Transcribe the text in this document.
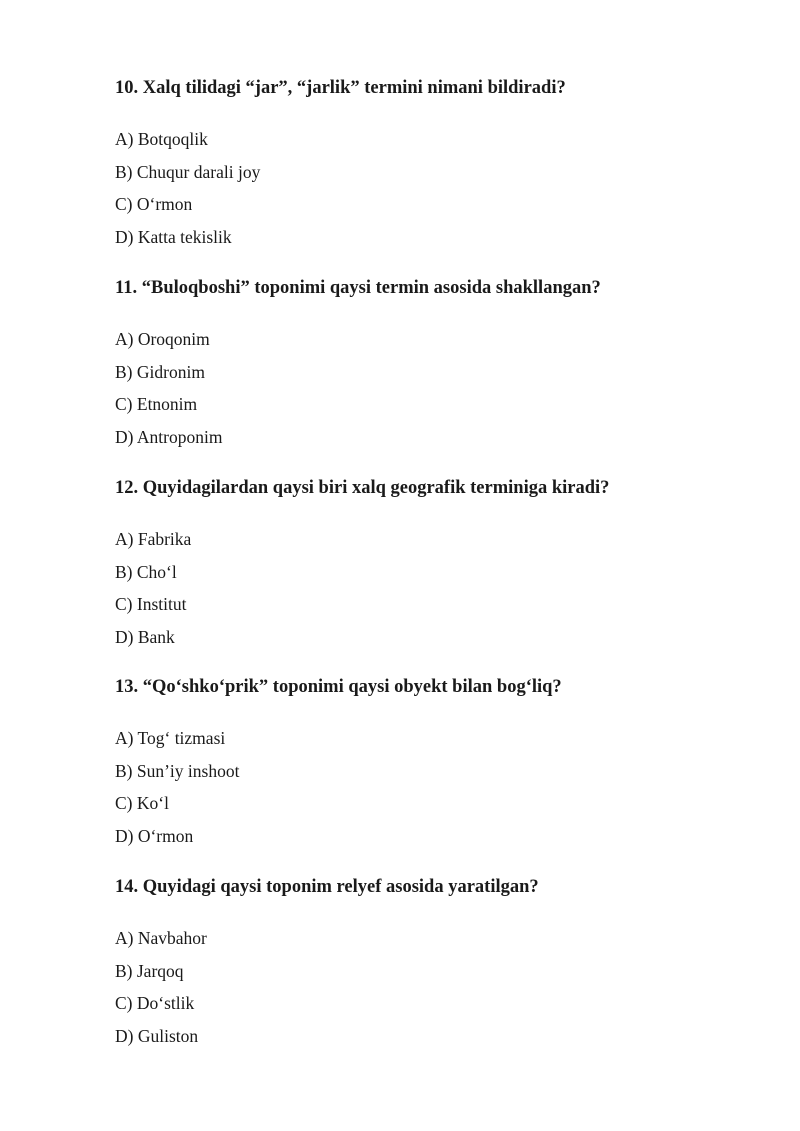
10. Xalq tilidagi “jar”, “jarlik” termini nimani bildiradi?

A) Botqoqlik
B) Chuqur darali joy
C) O‘rmon
D) Katta tekislik

11. “Buloqboshi” toponimi qaysi termin asosida shakllangan?

A) Oroqonim
B) Gidronim
C) Etnonim
D) Antroponim

12. Quyidagilardan qaysi biri xalq geografik terminiga kiradi?

A) Fabrika
B) Cho‘l
C) Institut
D) Bank

13. “Qo‘shko‘prik” toponimi qaysi obyekt bilan bog‘liq?

A) Tog‘ tizmasi
B) Sun’iy inshoot
C) Ko‘l
D) O‘rmon

14. Quyidagi qaysi toponim relyef asosida yaratilgan?

A) Navbahor
B) Jarqoq
C) Do‘stlik
D) Guliston
